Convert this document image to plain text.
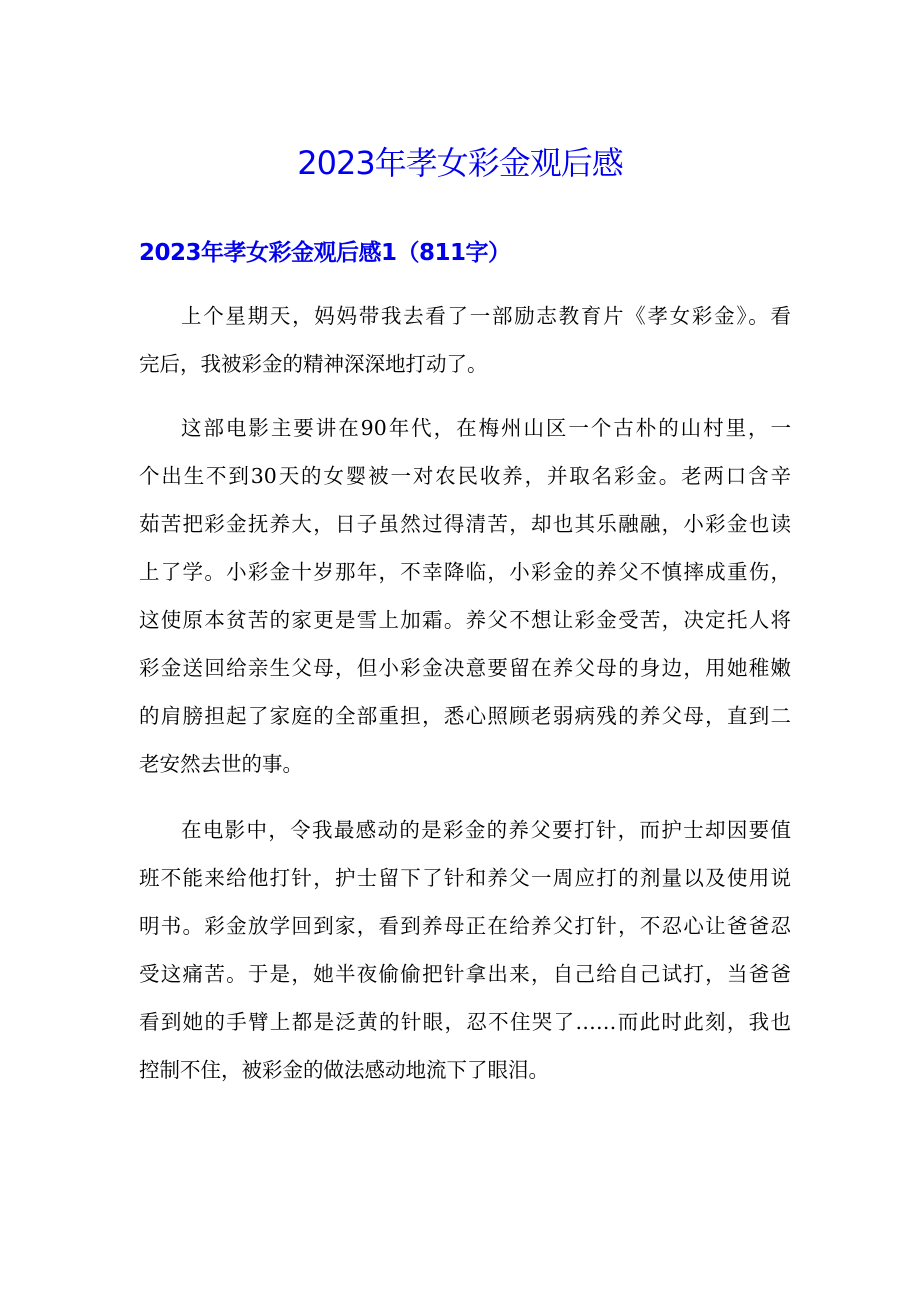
2023年孝女彩金观后感
2023年孝女彩金观后感1（811字）
上个星期天，妈妈带我去看了一部励志教育片《孝女彩金》。看
完后，我被彩金的精神深深地打动了。
这部电影主要讲在90年代，在梅州山区一个古朴的山村里，一
个出生不到30天的女婴被一对农民收养，并取名彩金。老两口含辛
茹苦把彩金抚养大，日子虽然过得清苦，却也其乐融融，小彩金也读
上了学。小彩金十岁那年，不幸降临，小彩金的养父不慎摔成重伤，
这使原本贫苦的家更是雪上加霜。养父不想让彩金受苦，决定托人将
彩金送回给亲生父母，但小彩金决意要留在养父母的身边，用她稚嫩
的肩膀担起了家庭的全部重担，悉心照顾老弱病残的养父母，直到二
老安然去世的事。
在电影中，令我最感动的是彩金的养父要打针，而护士却因要值
班不能来给他打针，护士留下了针和养父一周应打的剂量以及使用说
明书。彩金放学回到家，看到养母正在给养父打针，不忍心让爸爸忍
受这痛苦。于是，她半夜偷偷把针拿出来，自己给自己试打，当爸爸
看到她的手臂上都是泛黄的针眼，忍不住哭了……而此时此刻，我也
控制不住，被彩金的做法感动地流下了眼泪。
